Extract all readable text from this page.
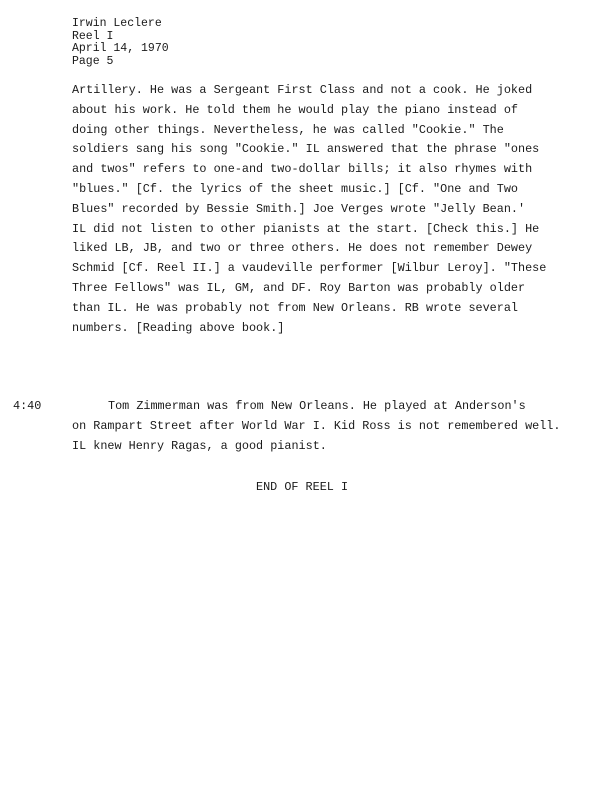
Irwin Leclere
Reel I
April 14, 1970
Page 5
Artillery. He was a Sergeant First Class and not a cook. He joked
about his work. He told them he would play the piano instead of
doing other things. Nevertheless, he was called "Cookie." The
soldiers sang his song "Cookie." IL answered that the phrase "ones
and twos" refers to one-and two-dollar bills; it also rhymes with
"blues." [Cf. the lyrics of the sheet music.] [Cf. "One and Two
Blues" recorded by Bessie Smith.] Joe Verges wrote "Jelly Bean.'
IL did not listen to other pianists at the start. [Check this.] He
liked LB, JB, and two or three others. He does not remember Dewey
Schmid [Cf. Reel II.] a vaudeville performer [Wilbur Leroy]. "These
Three Fellows" was IL, GM, and DF. Roy Barton was probably older
than IL. He was probably not from New Orleans. RB wrote several
numbers. [Reading above book.]
4:40	Tom Zimmerman was from New Orleans. He played at Anderson's
on Rampart Street after World War I. Kid Ross is not remembered well.
IL knew Henry Ragas, a good pianist.
END OF REEL I
